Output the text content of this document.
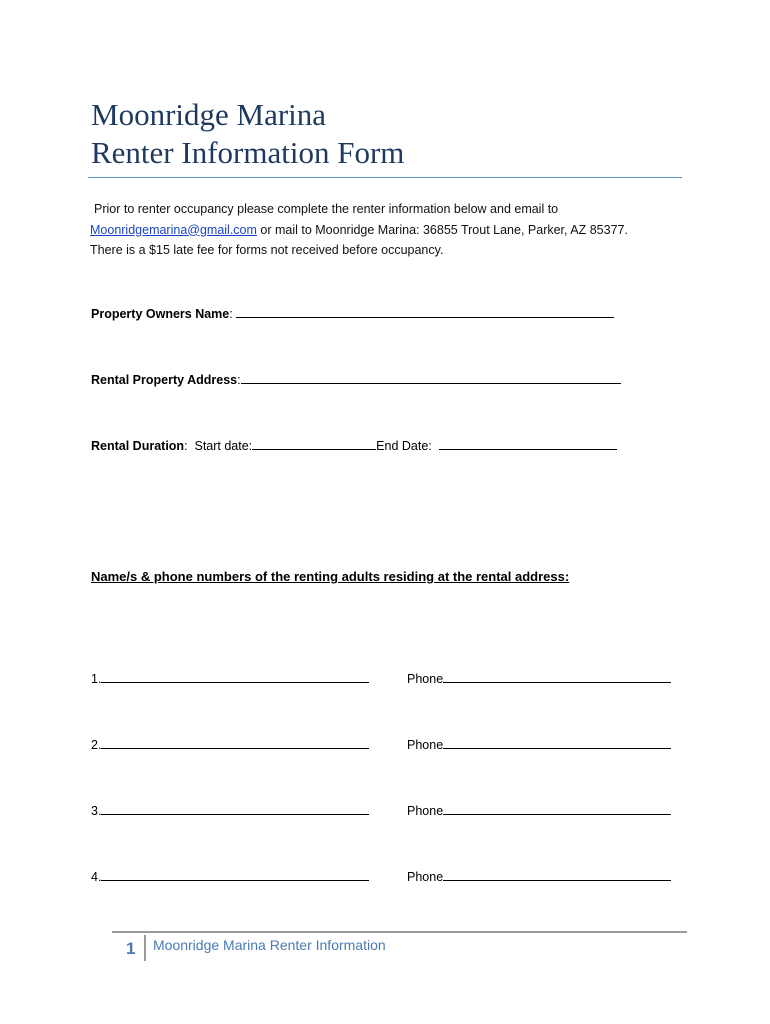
Moonridge Marina
Renter Information Form
Prior to renter occupancy please complete the renter information below and email to
Moonridgemarina@gmail.com or mail to Moonridge Marina: 36855 Trout Lane, Parker, AZ 85377.
There is a $15 late fee for forms not received before occupancy.
Property Owners Name:
Rental Property Address:
Rental Duration:  Start date:	End Date:
Name/s & phone numbers of the renting adults residing at the rental address:
1.	Phone
2.	Phone
3.	Phone
4.	Phone
1 Moonridge Marina Renter Information
